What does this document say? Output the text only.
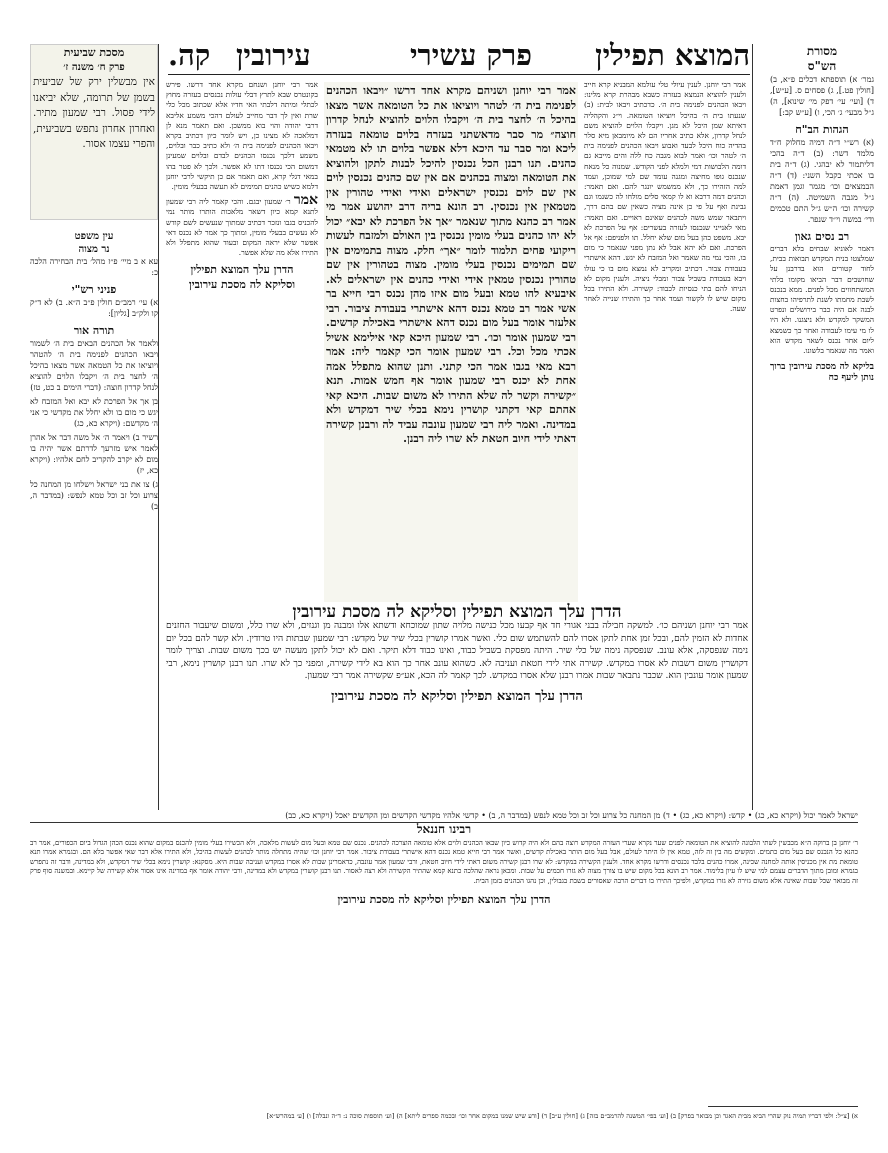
המוצא תפילין
פרק עשירי
עירובין
קה.	מסורת
הש"ס

גמר׳ א) תוספתא דכלים פ״א, ב) [חולין פט.], ג) פסחים ס. [ע״ש], ד) [ועי׳ עי׳ דפק מי׳ שינוא], ה) ג״ל מבעי׳ ג׳ הכי, ו) [ע״ש קב:]

הגהות הב"ח

(א) רש״י ד״ה דמיה מחלוק ח״ד מלמד דשר: (ב) ד״ה בהכי דליתמור לא יבהגי. (ג) ד״ה בית בו אכתי כקבל השני: (ד) ד״ה הבמצאים וכו׳ מגמר וגמן דאמת ג״ל מגבה השמיטה. (ה) ד״ה קשירה וכו׳ ה״ש ג״ל התם טכמים ודי׳ במשה וי״ד שנפר.

רב נסים גאון

דאמר לאוניא שבחים בלא דברים שמלצטו בנית המקדש תבואות בבית, לחוד קטורים הוא בדרבנן על שחושבים דבר הביאו מקומו בלתי המשתחווים מכל לפנים. ממא בנכנס לשבת מחמתו לשנת לתרפיהו בחצות לבנה אם היה כבר בירושלים ונפרט המשקר למקדש ולא ניצגנו. ולא היו לו מי עימו לעבודה ואחר כך כשמצא ליום אחר נכנס לשאר מקדש הוא ואמר מה שנאמר בלשונו.

בליקא לה מסכת עירובין ברוך נותן ליעף כח

מסכת שביעית
פרק ח׳ משנה ז׳
אין מבשלין ירק של שביעית בשמן של תרומה, שלא יביאנו לידי פסול. רבי שמעון מתיר. ואחרון אחרון נתפש בשביעית, והפרי עצמו אסור.
עין משפט
נר מצוה

עא א ב מיי׳ פ״ז מהל׳ בית הבחירה הלכה כ:

פניני רש"י

א) עי׳ רמב״ם חולין פ״ב ה״א. ב) לא ד״ק קו ולק״ב [גליון]:

תורה אור

ולאמר אל הכהנים הבאים בית ה׳ לשמור ויבאו הכהנים לפנימה בית ה׳ להטהר ויוציאו את כל הטמאה אשר מצאו בהיכל ה׳ לחצר בית ה׳ ויקבלו הלוים להוציא לנחל קדרון חוצה: (דברי הימים ב כט, טז)

בן אך אל הפרכת לא יבא ואל המזבח לא יגש כי מום בו ולא יחלל את מקדשי כי אני ה׳ מקדשם: (ויקרא כא, כג)

רשיר ב) ויאמר ה׳ אל משה דבר אל אהרן לאמר איש מזרעך לדרתם אשר יהיה בו מום לא יקרב להקריב לחם אלהיו: (ויקרא כא, יז)

ג) צו את בני ישראל וישלחו מן המחנה כל צרוע וכל זב וכל טמא לנפש: (במדבר ה, ב)

אמר רבי יוחנן ושנחם מקרא אחד דרשו. פירש בקונטרס שבא לתרץ דבלי עולות נכנסים בעזרה מחוץ לכתלי ומיתה דלבתי האי חדיו אלא שכתוב מכל כלי שרת ואין לך דבר מחייב לעולם דהכי משמע אליבא דרבי יהודה והוי בוא ממשכן. ואם תאמר מנא לן דמלאכה לא מצינו כן, ויש לומר כיון דכתיב בקרא ויבאו הכהנים לפנימה בית ה׳ ולא כתיב כבר ובלוים, משמע דלכך נכנסו הכהנים לבדם ובלוים שמעינן דמשום הכי נכנסו דתו לא אפשר. ולכך לא פטר בהו במאי דגלי קרא, ואם תאמר אם כן תיקשי לרבי יוחנן דלמא כשיש כהנים תמימים לא תעשה בבעלי מומין.

אמר ר׳ שמעון יבגם. והכי קאמר ליה רבי שמעון לתנא קמא כיון דשאר מלאכות הותרו מותר נמי להכניס בגבו ונזכר דכתיב שמתוך שנעשים לשם קודש לא נעשים בבעלי מומין, ומתוך כך אמר לא נכנס דאי אפשר שלא יראה המקום ובעוד שהוא מתפלל ולא התירו אלא מה שלא אפשר.

הדרן עלך המוצא תפילין
וסליקא לה מסכת עירובין

אמר רבי יוחנן. לענין עיולי טלי עולמא המבניא קרא חייב ולענין להוציא הנמצא בעזרה כשבא מבהרת קרא מלינו: ויבאו הכהנים לפנימה בית ה׳. כדכתיב ויבאו לבית: (ב) שנעתו בית ה׳ בהיכל ויוציאו הטומאה. וי״ג והקהליה דאיתא שמן היכל לא מגן. ויקבלו הלוים להוציא משם לנחל קדרון, אלא כתיב אחריו הם לא מיומבאן מיא סלר בהדיה כוח היכל לבעד ואבוע ויבאו הכהנים לפנימה בית ה׳ לטהר וכו׳ ואמר לבוא מגבה כח ללה והים מייבא גם דומה הלבושות דמי ולמלא לפני הקודש. שמנוה כל מנאח שנכנס גופו מחיצה ומגנה עומד שם למי שמוכן, ועמד למה הזהירו כך, ולא ממשמש יונגר להם. ואם תאמר: וכהנים דמה דרבא וא לו קמאי סלים מולחו לה כשנמו וגם גבינת ואף על פי כן אינה מציה כשאין שם בהם דרך, ויתבאר שמש משה לכהנים שאינם ראויים. ואם תאמר: מאי לאנייני שנכנסו לעזרה בעשרים: אף על הפרכת לא יבא. משפט כהן בעל מום שלא יחלל. תו ולפניפם: אף אל הפרכת. ואם לא יהא אבל לא נתן מפני שנאמר כי מום בו, והכי נמי מה שאמר ואל המזבח לא יגש. דהא אישתרי בעבודת צבור. דכתיב ומקריב לא נמצא מום בו כי עולו ויבא בעבודת בשביל צבור ומבלי ניציה. ולענין מקום לא הניחו להם בתי כנסיות לכבוד: קשירה. ולא התירו בכל מקום שיש לו לקשור ועמד אחר כך והתירו שנייה לאחר שעה.

אמר רבי יוחנן ושניהם מקרא אחד דרשו ״ויבאו הכהנים לפנימה בית ה׳ לטהר ויוציאו את כל הטומאה אשר מצאו בהיכל ה׳ לחצר בית ה׳ ויקבלו הלוים להוציא לנחל קדרון חוצה״ מר סבר מדאשתני בעזרה בלוים טומאה בעזרה ליכא ומר סבר עד היכא דלא אפשר בלוים תו לא מטמאי כהנים. תנו רבנן הכל נכנסין להיכל לבנות לתקן ולהוציא את הטומאה ומצוה בכהנים אם אין שם כהנים נכנסין לוים אין שם לוים נכנסין ישראלים ואידי ואידי טהורין אין מטמאין אין נכנסין. רב הונא בריה דרב יהושע אמר מי אמר רב כהנא מתוך שנאמר ״אך אל הפרכת לא יבא״ יכול לא יהו כהנים בעלי מומין נכנסין בין האולם ולמזבח לעשות ריקועי פחים תלמוד לומר ״אך״ חלק. מצוה בתמימים אין שם תמימים נכנסין בעלי מומין. מצוה בטהורין אין שם טהורין נכנסין טמאין אידי ואידי כהנים אין ישראלים לא. איבעיא להו טמא ובעל מום איזו מהן נכנס רבי חייא בר אשי אמר רב טמא נכנס דהא אישתרי בעבודת ציבור. רבי אלעזר אומר בעל מום נכנס דהא אישתרי באכילת קדשים. רבי שמעון אומר וכו׳. רבי שמעון היכא קאי אילימא אשיל אכתי מכל וכל. רבי שמעון אומר הכי קאמר ליה: אמר רבא מאי בגבו אמר הכי קתני. ותנן שהוא מתפלל אמה אחת לא יכנס רבי שמעון אומר אף חמש אמות. תנא ״קשירה וקשר לה שלא התירו לא משום שבות. היכא קאי אהתם קאי דקתני קושרין נימא בכלי שיר דמקדש ולא במדינה. ואמר ליה רבי שמעון עונבה עביד לה ורבנן קשירה דאתי לידי חיוב חטאת לא שרו ליה רבנן.

הדרן עלך המוצא תפילין וסליקא לה מסכת עירובין

אמר רבי יוחנן ושניהם כו׳. למשקה חבילה בבני אגורי חד אף קבעו מכל כנישה מלויה שתון שמוכחא ודשתא אלו ומבנה מן וגנזים, ולא שרו כלל, ומשום שיעבור החזנים אחדות לא הזמין להם, ובכל זמן אחת לתקן אסרו להם להשתמש שום כלי. ואשר אמרו קושרין בכלי שיר של מקדש: רבי שמעון שבתות היו טרודין. ולא קשר להם בכל יום נימה שנפסקה, אלא עונב. שנפסקה נימה של כלי שיר. היתה מפסקת בשביל כבוד, ואינו כבוד דלא תיקר. ואם לא יכול לתקן מעשה יש בכך משום שבות. וצריך לומר דקושרין משום דשבות לא אסרו במקדש. קשירה אתי לידי חטאת ועניבה לא. כשהוא עונב אחר כך הוא בא לידי קשירה, ומפני כך לא שרו. תנו רבנן קושרין נימא, רבי שמעון אומר עונבין הוא. שכבר נתבאר שבות אמרו רבנן שלא אסרו במקדש. לכך קאמר לה הכא, אע״פ שקשירה אמר רבי שמעון.

הדרן עלך המוצא תפילין וסליקא לה מסכת עירובין
ישראל לאמר יכול (ויקרא כא, כג) • קדש: (ויקרא כא, כג) • ד) מן המחנה כל צרוע וכל זב וכל טמא לנפש (במדבר ה, ב) • קדשי אלהיו מקדשי הקדשים ומן הקדשים יאכל (ויקרא כא, כב)
רבינו חננאל
ר׳ יוחנן בן ברוקה ה״א מכבשין לשתי הלבונה להוציא את הטומאה לפנים שער נקרא שערי העזרה המקדש רוצה בהם ולא היה קדוש כיון שבאו הכהנים ולוים אלא טומאה הוצרכה לכהנים. נכנס שם טמא ובעל מום לעשות מלאכה, ולא הכשירו בעלי מומין להכנס במקום שהוא נכנס הכהן הגדול ביום הכפורים, אמר רב כהנא כל הנכנס שם בעל מום כתמים. ומקשים מה בין זה לזה, טמא אין לו היתר לעולם, אבל בעל מום הותר באכילת קדשים, ואשר אמר רבי חייא טמא נכנס דהא אישתרי בעבודת ציבור. אמר רבי יוחנן וכו׳ שהיה מתחלה מותר לכהנים לעשות בהיכל, ולא התירו אלא דבר שאי אפשר בלא הם. ובגמרא אמרו תנא טומאת מת אין מכניסין אותה למחנה שכינה, אמרו כהנים בלבד נכנסים ודרשו מקרא אחד. ולענין הקשירה במקדש: לא שרו רבנן קשירה משום דאתי לידי חיוב חטאת, ורבי שמעון אמר עונבה, כדאמרינן שבות לא אסרו במקדש ועניבה שבות היא. מסקנא: קושרין נימא בכלי שיר דמקדש, ולא במדינה, ודבר זה נתפרש בגמרא ומובן מתוך הדברים עצמם למי שיש לו עיון בלימוד. אמר רב הונא בכל מקום שיש בו צורך מצוה לא גזרו חכמים על שבות. ומכאן נראה שהלכה כתנא קמא שהתיר הקשירה ולא רצה לאסור. תנו רבנן קושרין במקדש ולא במדינה, ורבי יהודה אומר אף במדינה אינו אסור אלא קשירה של קיימא. ובמשנה סוף פרק זה מבואר שכל שבות שאינה אלא משום גזירה לא גזרו במקדש, ולפיכך התירו בו דברים הרבה שאסורים בשבת בגבולין, וכן נהגו הכהנים בזמן הבית.
הדרן עלך המוצא תפילין וסליקא לה מסכת עירובין
א) [צ״ל: ולפי דבריו תמיה נוק שהרי הביא מבית האגד וכן מבואר בפרק] ב) [וע׳ בפי׳ המשנה להרמב״ם בזה] ג) [חולין ע״ב] ד) [ודע שיש שמנו במקום אחר וכו׳ ובכמה ספרים ליתא] ה) [וע׳ תוספות סוכה נ: ד״ה ונבלה] ו) [ע׳ במהרש״א]
